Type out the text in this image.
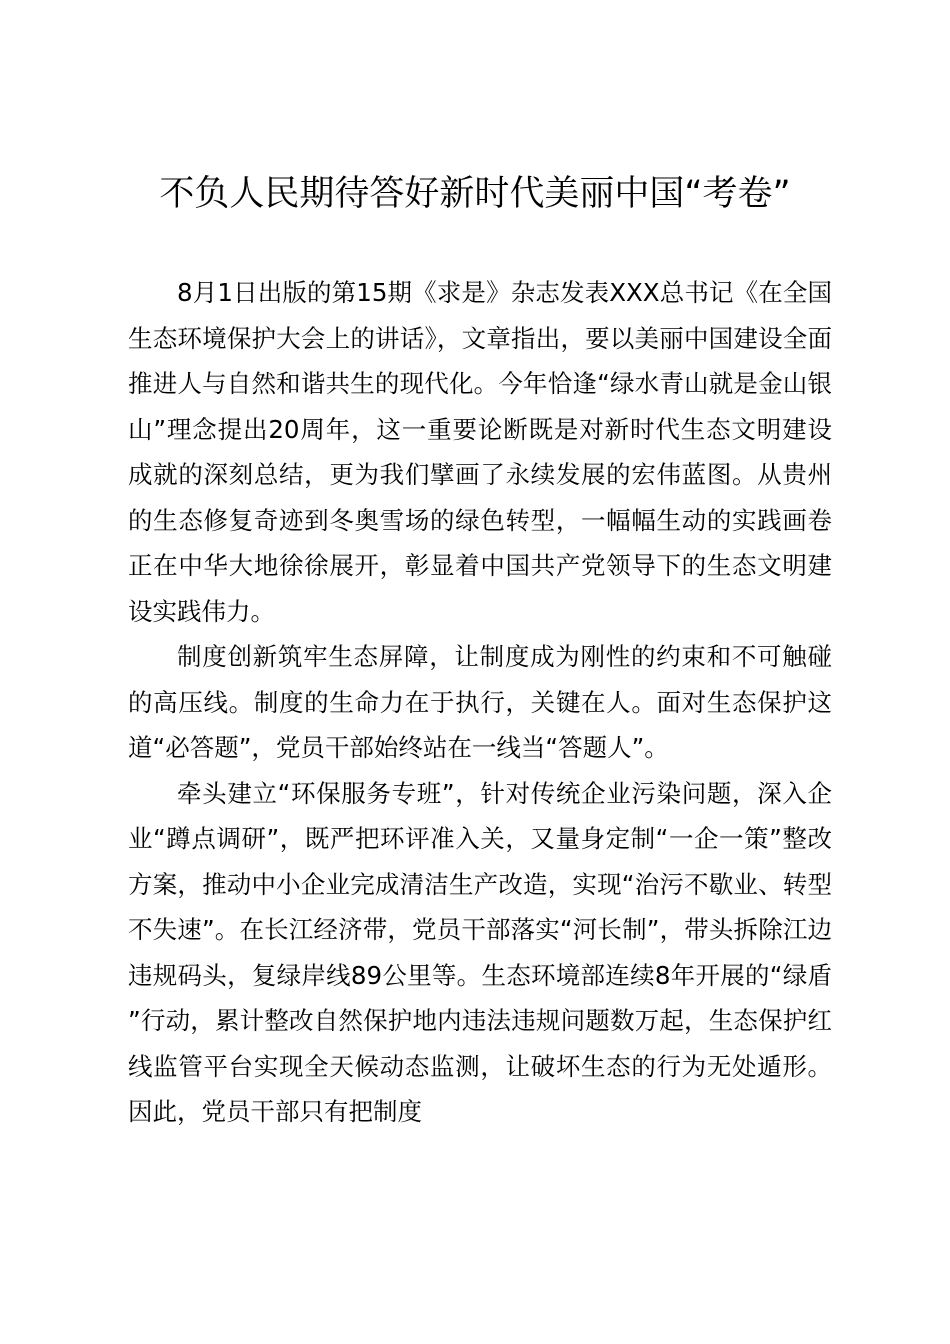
不负人民期待答好新时代美丽中国“考卷”

8月1日出版的第15期《求是》杂志发表XXX总书记《在全国生态环境保护大会上的讲话》，文章指出，要以美丽中国建设全面推进人与自然和谐共生的现代化。今年恰逢“绿水青山就是金山银山”理念提出20周年，这一重要论断既是对新时代生态文明建设成就的深刻总结，更为我们擘画了永续发展的宏伟蓝图。从贵州的生态修复奇迹到冬奥雪场的绿色转型，一幅幅生动的实践画卷正在中华大地徐徐展开，彰显着中国共产党领导下的生态文明建设实践伟力。

制度创新筑牢生态屏障，让制度成为刚性的约束和不可触碰的高压线。制度的生命力在于执行，关键在人。面对生态保护这道“必答题”，党员干部始终站在一线当“答题人”。

牵头建立“环保服务专班”，针对传统企业污染问题，深入企业“蹲点调研”，既严把环评准入关，又量身定制“一企一策”整改方案，推动中小企业完成清洁生产改造，实现“治污不歇业、转型不失速”。在长江经济带，党员干部落实“河长制”，带头拆除江边违规码头，复绿岸线89公里等。生态环境部连续8年开展的“绿盾”行动，累计整改自然保护地内违法违规问题数万起，生态保护红线监管平台实现全天候动态监测，让破坏生态的行为无处遁形。因此，党员干部只有把制度
